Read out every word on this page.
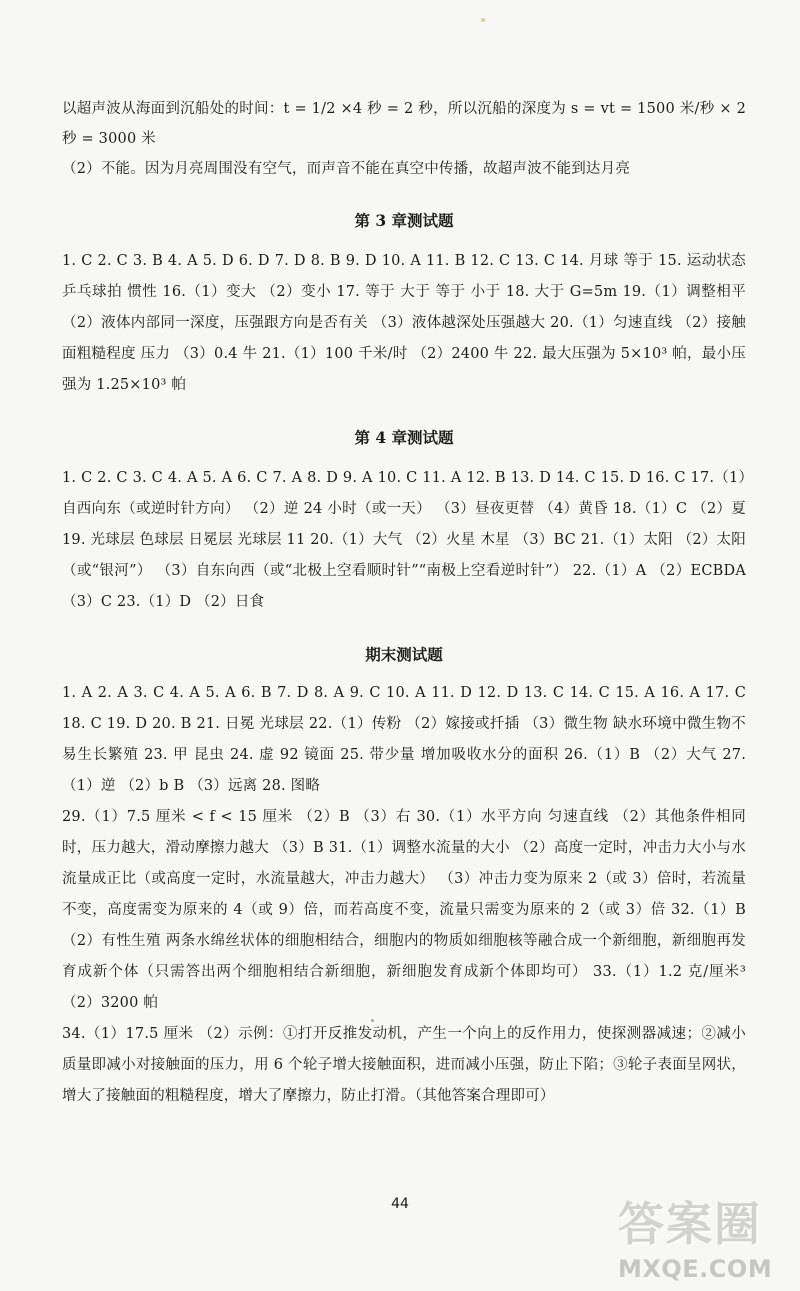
以超声波从海面到沉船处的时间：t = 1/2 ×4 秒 = 2 秒，所以沉船的深度为 s = vt = 1500 米/秒 × 2 秒 = 3000 米

（2）不能。因为月亮周围没有空气，而声音不能在真空中传播，故超声波不能到达月亮

第 3 章测试题

1. C 2. C 3. B 4. A 5. D 6. D 7. D 8. B 9. D 10. A 11. B 12. C 13. C 14. 月球 等于 15. 运动状态 乒乓球拍 惯性 16.（1）变大 （2）变小 17. 等于 大于 等于 小于 18. 大于 G=5m 19.（1）调整相平 （2）液体内部同一深度，压强跟方向是否有关 （3）液体越深处压强越大 20.（1）匀速直线 （2）接触面粗糙程度 压力 （3）0.4 牛 21.（1）100 千米/时 （2）2400 牛 22. 最大压强为 5×10³ 帕，最小压强为 1.25×10³ 帕

第 4 章测试题

1. C 2. C 3. C 4. A 5. A 6. C 7. A 8. D 9. A 10. C 11. A 12. B 13. D 14. C 15. D 16. C 17.（1）自西向东（或逆时针方向） （2）逆 24 小时（或一天） （3）昼夜更替 （4）黄昏 18.（1）C （2）夏 19. 光球层 色球层 日冕层 光球层 11 20.（1）大气 （2）火星 木星 （3）BC 21.（1）太阳 （2）太阳（或“银河”） （3）自东向西（或“北极上空看顺时针”“南极上空看逆时针”） 22.（1）A （2）ECBDA （3）C 23.（1）D （2）日食

期末测试题

1. A 2. A 3. C 4. A 5. A 6. B 7. D 8. A 9. C 10. A 11. D 12. D 13. C 14. C 15. A 16. A 17. C 18. C 19. D 20. B 21. 日冕 光球层 22.（1）传粉 （2）嫁接或扦插 （3）微生物 缺水环境中微生物不易生长繁殖 23. 甲 昆虫 24. 虚 92 镜面 25. 带少量 增加吸收水分的面积 26.（1）B （2）大气 27.（1）逆 （2）b B （3）远离 28. 图略

29.（1）7.5 厘米 < f < 15 厘米 （2）B （3）右 30.（1）水平方向 匀速直线 （2）其他条件相同时，压力越大，滑动摩擦力越大 （3）B 31.（1）调整水流量的大小 （2）高度一定时，冲击力大小与水流量成正比（或高度一定时，水流量越大，冲击力越大） （3）冲击力变为原来 2（或 3）倍时，若流量不变，高度需变为原来的 4（或 9）倍，而若高度不变，流量只需变为原来的 2（或 3）倍 32.（1）B （2）有性生殖 两条水绵丝状体的细胞相结合，细胞内的物质如细胞核等融合成一个新细胞，新细胞再发育成新个体（只需答出两个细胞相结合新细胞，新细胞发育成新个体即均可） 33.（1）1.2 克/厘米³ （2）3200 帕

34.（1）17.5 厘米 （2）示例：①打开反推发动机，产生一个向上的反作用力，使探测器减速；②减小质量即减小对接触面的压力，用 6 个轮子增大接触面积，进而减小压强，防止下陷；③轮子表面呈网状，增大了接触面的粗糙程度，增大了摩擦力，防止打滑。（其他答案合理即可）

44	答案圈
MXQE.COM
